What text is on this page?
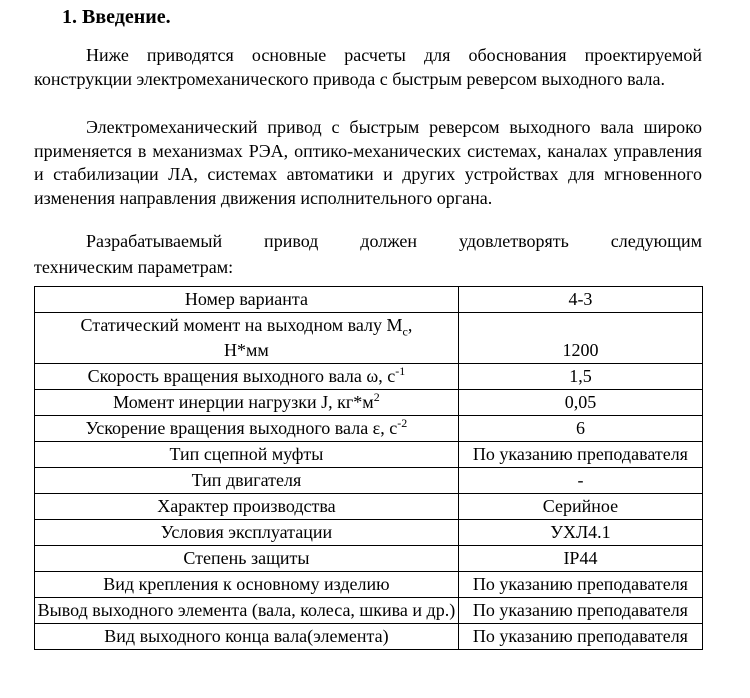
1. Введение.

Ниже приводятся основные расчеты для обоснования проектируемой конструкции электромеханического привода с быстрым реверсом выходного вала.

Электромеханический привод с быстрым реверсом выходного вала широко применяется в механизмах РЭА, оптико-механических системах, каналах управления и стабилизации ЛА, системах автоматики и других устройствах для мгновенного изменения направления движения исполнительного органа.

Разрабатываемый привод должен удовлетворять следующим

техническим параметрам:

Номер варианта	4-3
Статический момент на выходном валу $М_с$,
Н*мм	1200
Скорость вращения выходного вала ω, $с^{-1}$	1,5
Момент инерции нагрузки J, $кг*м^2$	0,05
Ускорение вращения выходного вала ε, $с^{-2}$	6
Тип сцепной муфты	По указанию преподавателя
Тип двигателя	-
Характер производства	Серийное
Условия эксплуатации	УХЛ4.1
Степень защиты	IP44
Вид крепления к основному изделию	По указанию преподавателя
Вывод выходного элемента (вала, колеса, шкива и др.)	По указанию преподавателя
Вид выходного конца вала(элемента)	По указанию преподавателя
